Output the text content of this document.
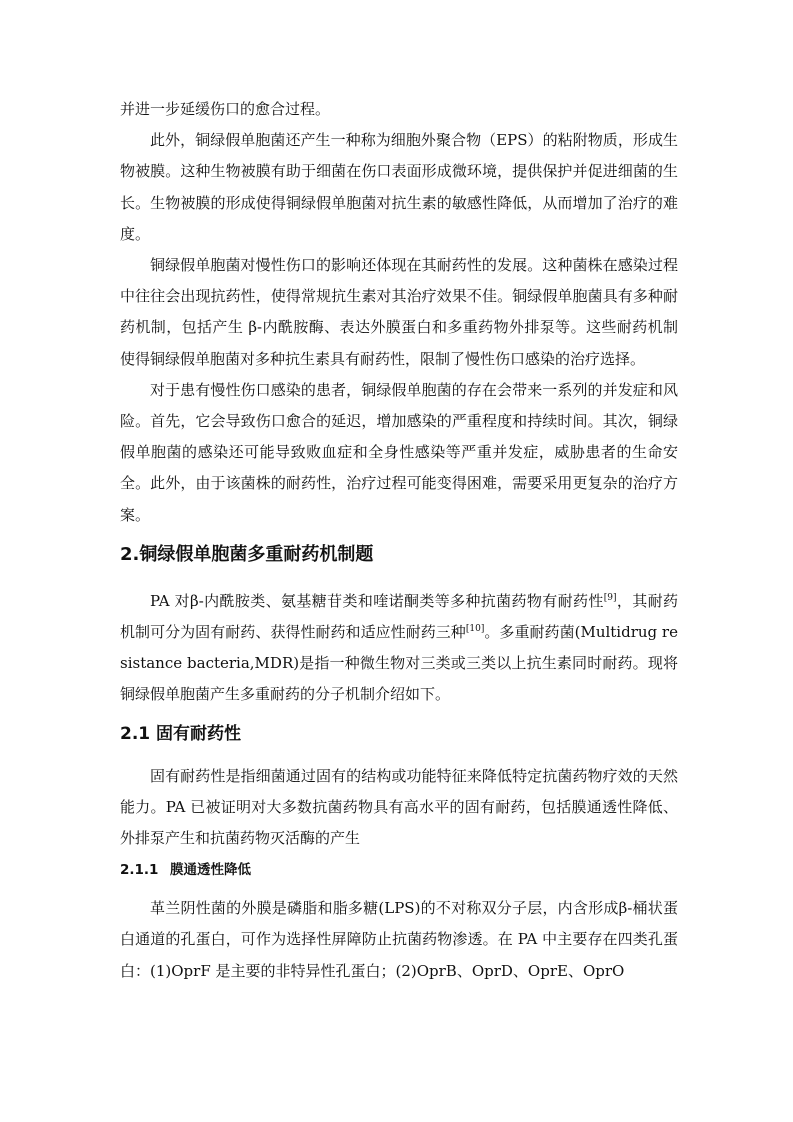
并进一步延缓伤口的愈合过程。

此外，铜绿假单胞菌还产生一种称为细胞外聚合物（EPS）的粘附物质，形成生物被膜。这种生物被膜有助于细菌在伤口表面形成微环境，提供保护并促进细菌的生长。生物被膜的形成使得铜绿假单胞菌对抗生素的敏感性降低，从而增加了治疗的难度。

铜绿假单胞菌对慢性伤口的影响还体现在其耐药性的发展。这种菌株在感染过程中往往会出现抗药性，使得常规抗生素对其治疗效果不佳。铜绿假单胞菌具有多种耐药机制，包括产生 β-内酰胺酶、表达外膜蛋白和多重药物外排泵等。这些耐药机制使得铜绿假单胞菌对多种抗生素具有耐药性，限制了慢性伤口感染的治疗选择。

对于患有慢性伤口感染的患者，铜绿假单胞菌的存在会带来一系列的并发症和风险。首先，它会导致伤口愈合的延迟，增加感染的严重程度和持续时间。其次，铜绿假单胞菌的感染还可能导致败血症和全身性感染等严重并发症，威胁患者的生命安全。此外，由于该菌株的耐药性，治疗过程可能变得困难，需要采用更复杂的治疗方案。

2.铜绿假单胞菌多重耐药机制题

PA 对β-内酰胺类、氨基糖苷类和喹诺酮类等多种抗菌药物有耐药性[9]，其耐药机制可分为固有耐药、获得性耐药和适应性耐药三种[10]。多重耐药菌(Multidrug resistance bacteria,MDR)是指一种微生物对三类或三类以上抗生素同时耐药。现将铜绿假单胞菌产生多重耐药的分子机制介绍如下。

2.1 固有耐药性

固有耐药性是指细菌通过固有的结构或功能特征来降低特定抗菌药物疗效的天然能力。PA 已被证明对大多数抗菌药物具有高水平的固有耐药，包括膜通透性降低、外排泵产生和抗菌药物灭活酶的产生

2.1.1 膜通透性降低

革兰阴性菌的外膜是磷脂和脂多糖(LPS)的不对称双分子层，内含形成β-桶状蛋白通道的孔蛋白，可作为选择性屏障防止抗菌药物渗透。在 PA 中主要存在四类孔蛋白：(1)OprF 是主要的非特异性孔蛋白；(2)OprB、OprD、OprE、OprO
